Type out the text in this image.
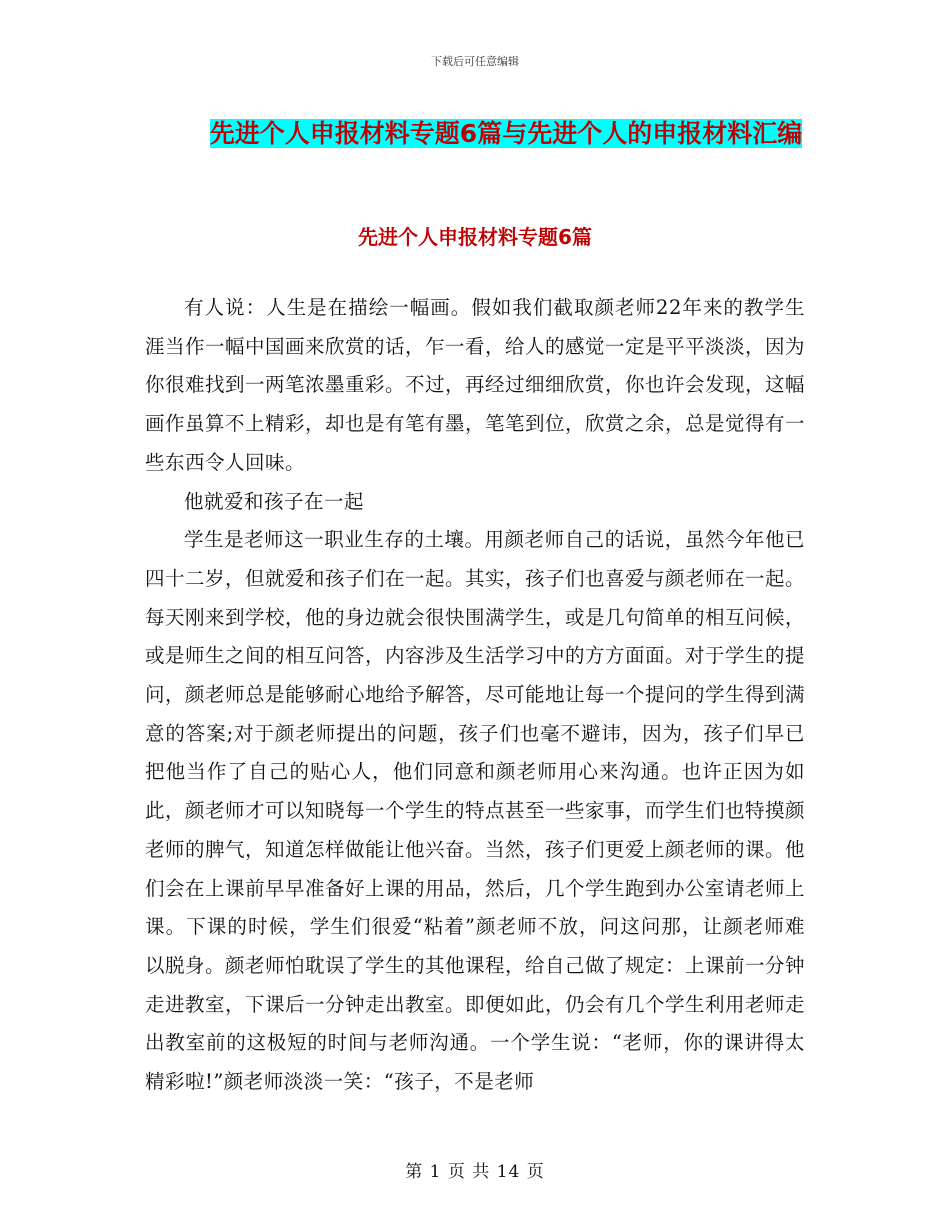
下载后可任意编辑
先进个人申报材料专题6篇与先进个人的申报材料汇编
先进个人申报材料专题6篇

有人说：人生是在描绘一幅画。假如我们截取颜老师22年来的教学生涯当作一幅中国画来欣赏的话，乍一看，给人的感觉一定是平平淡淡，因为你很难找到一两笔浓墨重彩。不过，再经过细细欣赏，你也许会发现，这幅画作虽算不上精彩，却也是有笔有墨，笔笔到位，欣赏之余，总是觉得有一些东西令人回味。

他就爱和孩子在一起

学生是老师这一职业生存的土壤。用颜老师自己的话说，虽然今年他已四十二岁，但就爱和孩子们在一起。其实，孩子们也喜爱与颜老师在一起。每天刚来到学校，他的身边就会很快围满学生，或是几句简单的相互问候，或是师生之间的相互问答，内容涉及生活学习中的方方面面。对于学生的提问，颜老师总是能够耐心地给予解答，尽可能地让每一个提问的学生得到满意的答案;对于颜老师提出的问题，孩子们也毫不避讳，因为，孩子们早已把他当作了自己的贴心人，他们同意和颜老师用心来沟通。也许正因为如此，颜老师才可以知晓每一个学生的特点甚至一些家事，而学生们也特摸颜老师的脾气，知道怎样做能让他兴奋。当然，孩子们更爱上颜老师的课。他们会在上课前早早准备好上课的用品，然后，几个学生跑到办公室请老师上课。下课的时候，学生们很爱“粘着”颜老师不放，问这问那，让颜老师难以脱身。颜老师怕耽误了学生的其他课程，给自己做了规定：上课前一分钟走进教室，下课后一分钟走出教室。即便如此，仍会有几个学生利用老师走出教室前的这极短的时间与老师沟通。一个学生说：“老师，你的课讲得太精彩啦!”颜老师淡淡一笑：“孩子，不是老师

第 1 页 共 14 页
